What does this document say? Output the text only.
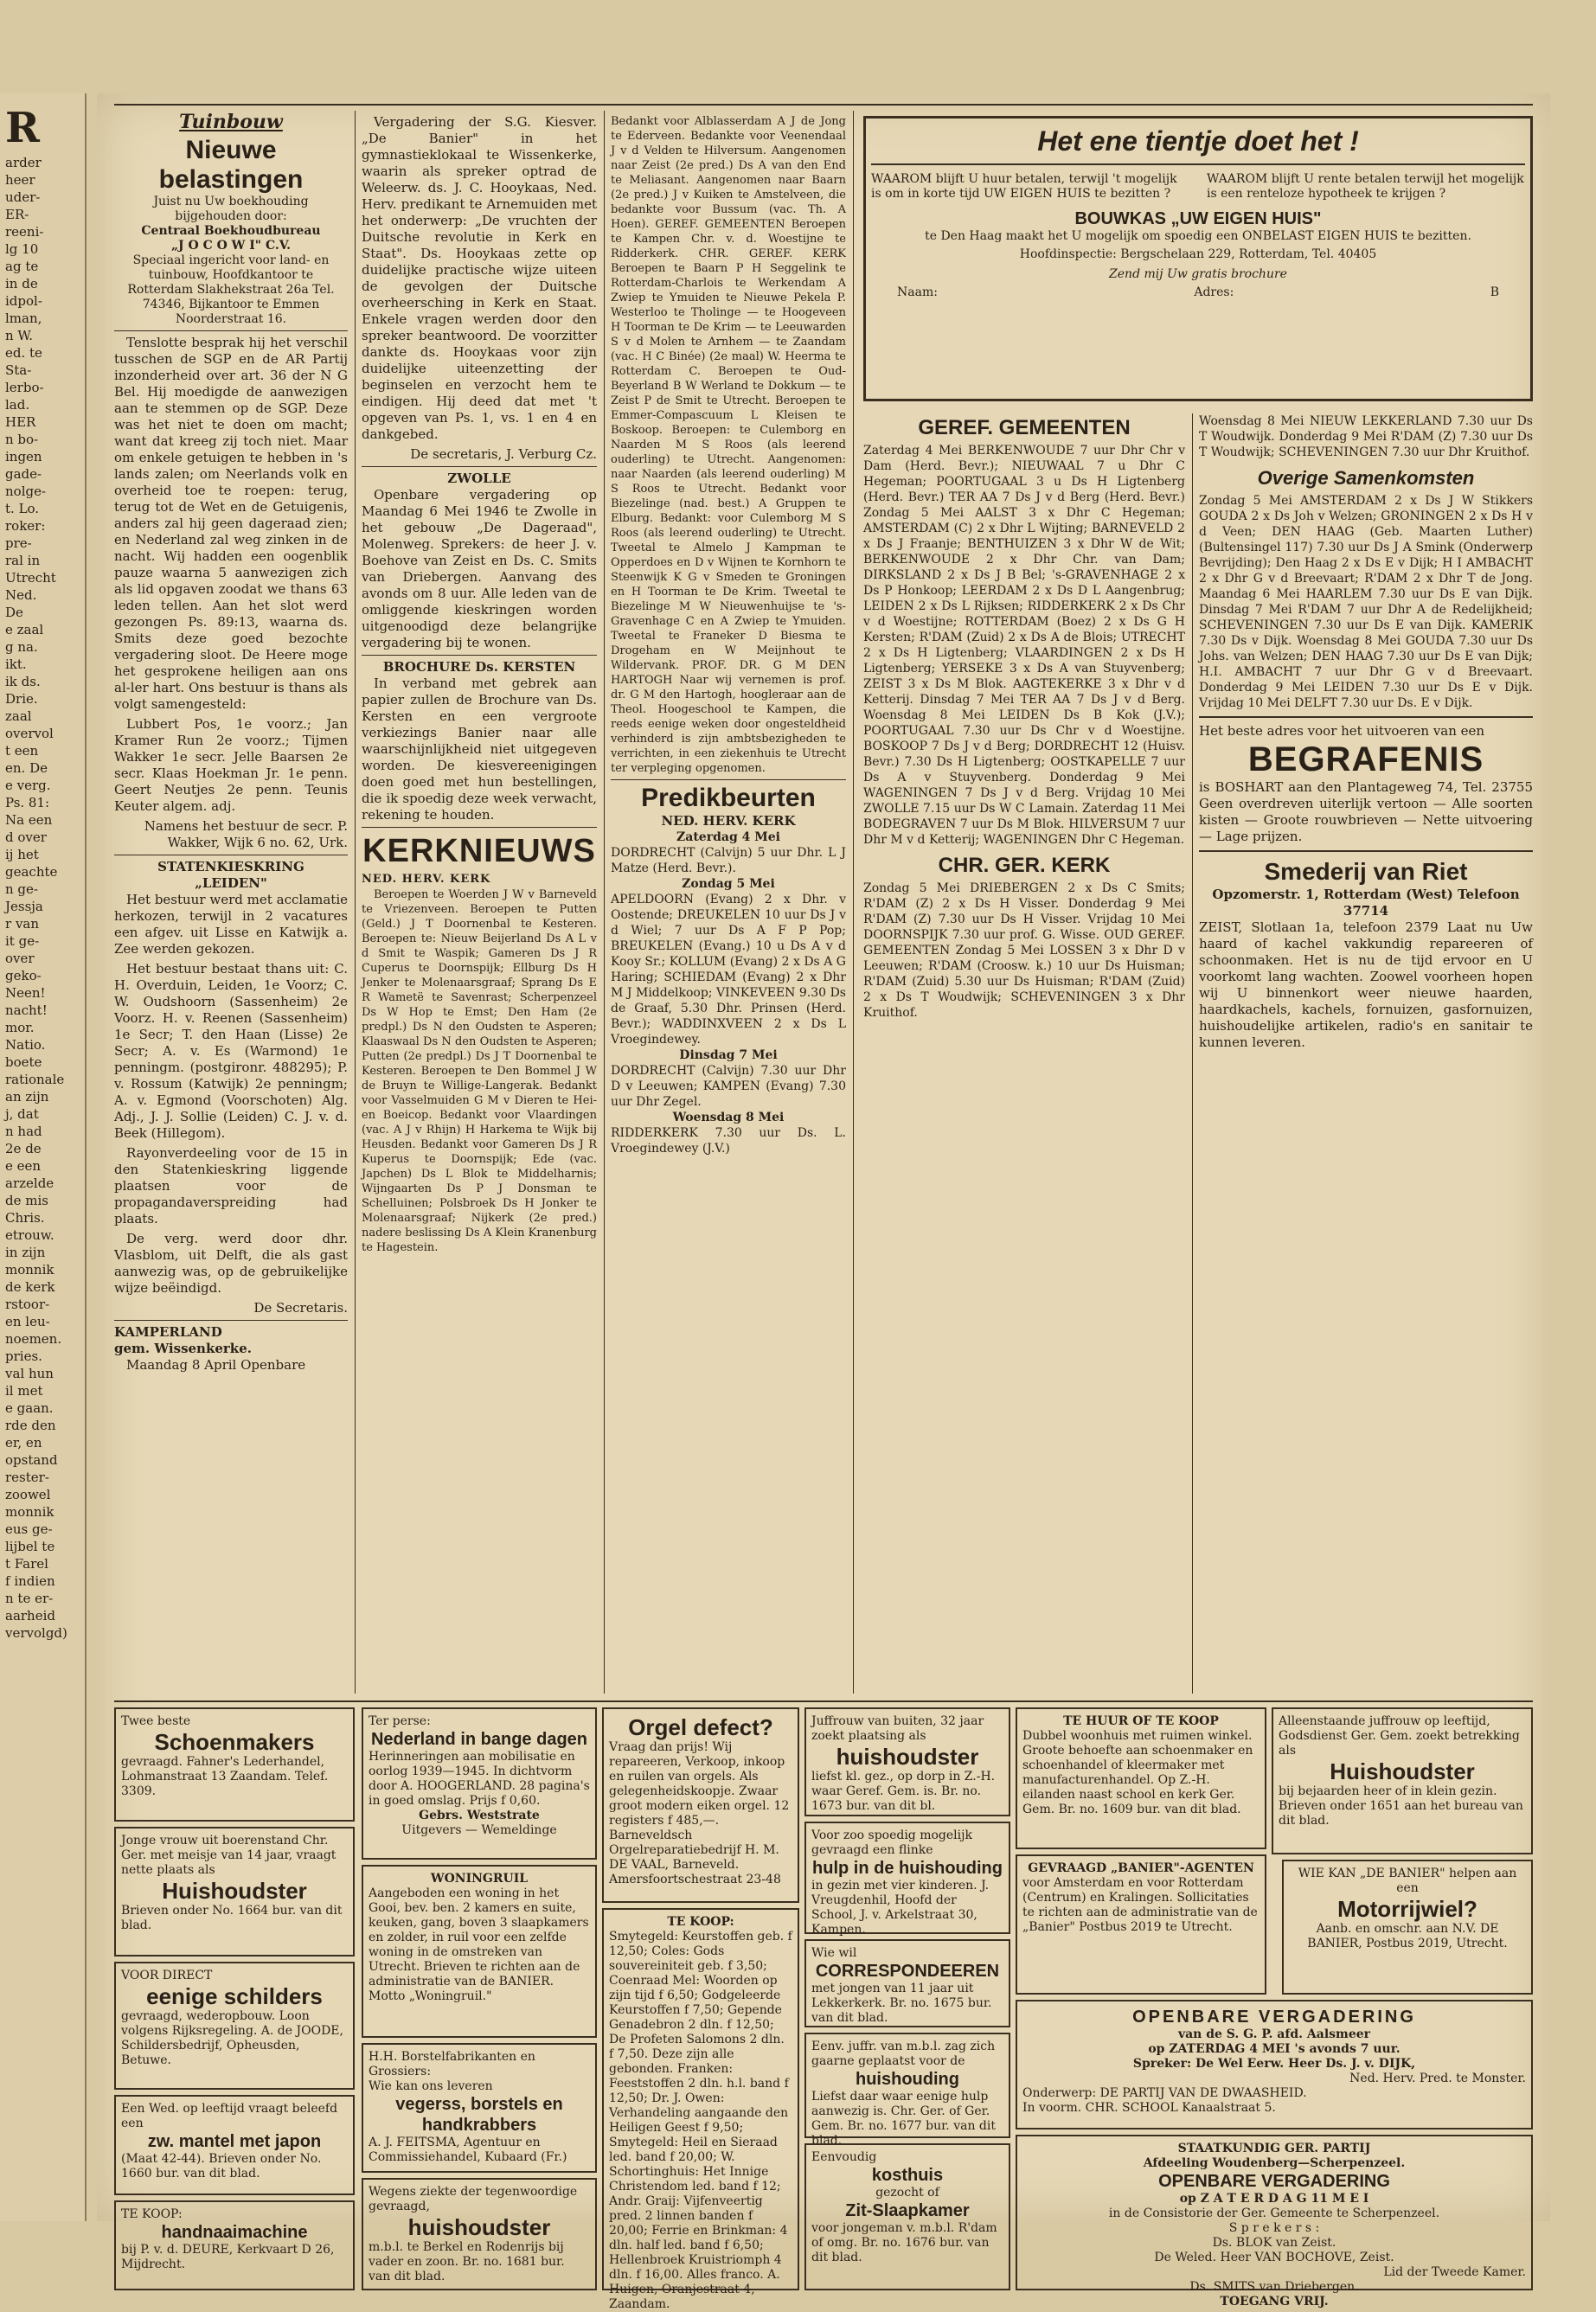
R
arder
heer
uder-
ER-
reeni-
lg 10
ag te
in de
idpol-
lman,
n W.
ed. te
Sta-
lerbo-
lad.
HER
n bo-
ingen
gade-
nolge-
t. Lo.
roker:
pre-
ral in
Utrecht
Ned.
De
e zaal
g na.
ikt.
ik ds.
Drie.
zaal
overvol
t een
en. De
e verg.
Ps. 81:
Na een
d over
ij het
geachte
n ge-
Jessja
r van
it ge-
over
geko-
Neen!
nacht!
mor.
Natio.
boete
rationale
an zijn
j, dat
n had
2e de
e een
arzelde
de mis
Chris.
etrouw.
in zijn
monnik
de kerk
rstoor-
en leu-
noemen.
pries.
val hun
il met
e gaan.
rde den
er, en
opstand
rester-
zoowel
monnik
eus ge-
lijbel te
t Farel
f indien
n te er-
aarheid
vervolgd)
Tuinbouw
Nieuwe belastingen
Juist nu Uw boekhouding bijgehouden door:
Centraal Boekhoudbureau
„J O C O W I" C.V.
Speciaal ingericht voor land- en tuinbouw, Hoofdkantoor te Rotterdam Slakhekstraat 26a Tel. 74346, Bijkantoor te Emmen Noorderstraat 16.

Tenslotte besprak hij het verschil tusschen de SGP en de AR Partij inzonderheid over art. 36 der N G Bel. Hij moedigde de aanwezigen aan te stemmen op de SGP. Deze was het niet te doen om macht; want dat kreeg zij toch niet. Maar om enkele getuigen te hebben in 's lands zalen; om Neerlands volk en overheid toe te roepen: terug, terug tot de Wet en de Getuigenis, anders zal hij geen dageraad zien; en Nederland zal weg zinken in de nacht. Wij hadden een oogenblik pauze waarna 5 aanwezigen zich als lid opgaven zoodat we thans 63 leden tellen. Aan het slot werd gezongen Ps. 89:13, waarna ds. Smits deze goed bezochte vergadering sloot. De Heere moge het gesprokene heiligen aan ons al-ler hart. Ons bestuur is thans als volgt samengesteld:

Lubbert Pos, 1e voorz.; Jan Kramer Run 2e voorz.; Tijmen Wakker 1e secr. Jelle Baarsen 2e secr. Klaas Hoekman Jr. 1e penn. Geert Neutjes 2e penn. Teunis Keuter algem. adj.

Namens het bestuur de secr. P. Wakker, Wijk 6 no. 62, Urk.

STATENKIESKRING
„LEIDEN"

Het bestuur werd met acclamatie herkozen, terwijl in 2 vacatures een afgev. uit Lisse en Katwijk a. Zee werden gekozen.

Het bestuur bestaat thans uit: C. H. Overduin, Leiden, 1e Voorz; C. W. Oudshoorn (Sassenheim) 2e Voorz. H. v. Reenen (Sassenheim) 1e Secr; T. den Haan (Lisse) 2e Secr; A. v. Es (Warmond) 1e penningm. (postgironr. 488295); P. v. Rossum (Katwijk) 2e penningm; A. v. Egmond (Voorschoten) Alg. Adj., J. J. Sollie (Leiden) C. J. v. d. Beek (Hillegom).

Rayonverdeeling voor de 15 in den Statenkieskring liggende plaatsen voor de propagandaverspreiding had plaats.

De verg. werd door dhr. Vlasblom, uit Delft, die als gast aanwezig was, op de gebruikelijke wijze beëindigd.

De Secretaris.

KAMPERLAND
gem. Wissenkerke.

Maandag 8 April Openbare

Vergadering der S.G. Kiesver. „De Banier" in het gymnastieklokaal te Wissenkerke, waarin als spreker optrad de Weleerw. ds. J. C. Hooykaas, Ned. Herv. predikant te Arnemuiden met het onderwerp: „De vruchten der Duitsche revolutie in Kerk en Staat". Ds. Hooykaas zette op duidelijke practische wijze uiteen de gevolgen der Duitsche overheersching in Kerk en Staat. Enkele vragen werden door den spreker beantwoord. De voorzitter dankte ds. Hooykaas voor zijn duidelijke uiteenzetting der beginselen en verzocht hem te eindigen. Hij deed dat met 't opgeven van Ps. 1, vs. 1 en 4 en dankgebed.

De secretaris, J. Verburg Cz.

ZWOLLE

Openbare vergadering op Maandag 6 Mei 1946 te Zwolle in het gebouw „De Dageraad", Molenweg. Sprekers: de heer J. v. Boehove van Zeist en Ds. C. Smits van Driebergen. Aanvang des avonds om 8 uur. Alle leden van de omliggende kieskringen worden uitgenoodigd deze belangrijke vergadering bij te wonen.

BROCHURE Ds. KERSTEN

In verband met gebrek aan papier zullen de Brochure van Ds. Kersten en een vergroote verkiezings Banier naar alle waarschijnlijkheid niet uitgegeven worden. De kiesvereenigingen doen goed met hun bestellingen, die ik spoedig deze week verwacht, rekening te houden.

KERKNIEUWS
NED. HERV. KERK

Beroepen te Woerden J W v Barneveld te Vriezenveen. Beroepen te Putten (Geld.) J T Doornenbal te Kesteren. Beroepen te: Nieuw Beijerland Ds A L v d Smit te Waspik; Gameren Ds J R Cuperus te Doornspijk; Ellburg Ds H Jenker te Molenaarsgraaf; Sprang Ds E R Wametë te Savenrast; Scherpenzeel Ds W Hop te Emst; Den Ham (2e predpl.) Ds N den Oudsten te Asperen; Klaaswaal Ds N den Oudsten te Asperen; Putten (2e predpl.) Ds J T Doornenbal te Kesteren. Beroepen te Den Bommel J W de Bruyn te Willige-Langerak. Bedankt voor Vasselmuiden G M v Dieren te Hei- en Boeicop. Bedankt voor Vlaardingen (vac. A J v Rhijn) H Harkema te Wijk bij Heusden. Bedankt voor Gameren Ds J R Kuperus te Doornspijk; Ede (vac. Japchen) Ds L Blok te Middelharnis; Wijngaarten Ds P J Donsman te Schelluinen; Polsbroek Ds H Jonker te Molenaarsgraaf; Nijkerk (2e pred.) nadere beslissing Ds A Klein Kranenburg te Hagestein.

Bedankt voor Alblasserdam A J de Jong te Ederveen. Bedankte voor Veenendaal J v d Velden te Hilversum. Aangenomen naar Zeist (2e pred.) Ds A van den End te Meliasant. Aangenomen naar Baarn (2e pred.) J v Kuiken te Amstelveen, die bedankte voor Bussum (vac. Th. A Hoen). GEREF. GEMEENTEN Beroepen te Kampen Chr. v. d. Woestijne te Ridderkerk. CHR. GEREF. KERK Beroepen te Baarn P H Seggelink te Rotterdam-Charlois te Werkendam A Zwiep te Ymuiden te Nieuwe Pekela P. Westerloo te Tholinge — te Hoogeveen H Toorman te De Krim — te Leeuwarden S v d Molen te Arnhem — te Zaandam (vac. H C Binée) (2e maal) W. Heerma te Rotterdam C. Beroepen te Oud-Beyerland B W Werland te Dokkum — te Zeist P de Smit te Utrecht. Beroepen te Emmer-Compascuum L Kleisen te Boskoop. Beroepen: te Culemborg en Naarden M S Roos (als leerend ouderling) te Utrecht. Aangenomen: naar Naarden (als leerend ouderling) M S Roos te Utrecht. Bedankt voor Biezelinge (nad. best.) A Gruppen te Elburg. Bedankt: voor Culemborg M S Roos (als leerend ouderling) te Utrecht. Tweetal te Almelo J Kampman te Opperdoes en D v Wijnen te Kornhorn te Steenwijk K G v Smeden te Groningen en H Toorman te De Krim. Tweetal te Biezelinge M W Nieuwenhuijse te 's-Gravenhage C en A Zwiep te Ymuiden. Tweetal te Franeker D Biesma te Drogeham en W Meijnhout te Wildervank. PROF. DR. G M DEN HARTOGH Naar wij vernemen is prof. dr. G M den Hartogh, hoogleraar aan de Theol. Hoogeschool te Kampen, die reeds eenige weken door ongesteldheid verhinderd is zijn ambtsbezigheden te verrichten, in een ziekenhuis te Utrecht ter verpleging opgenomen.

Predikbeurten
NED. HERV. KERK
Zaterdag 4 Mei
DORDRECHT (Calvijn) 5 uur Dhr. L J Matze (Herd. Bevr.).
Zondag 5 Mei
APELDOORN (Evang) 2 x Dhr. v Oostende; DREUKELEN 10 uur Ds J v d Wiel; 7 uur Ds A F P Pop; BREUKELEN (Evang.) 10 u Ds A v d Kooy Sr.; KOLLUM (Evang) 2 x Ds A G Haring; SCHIEDAM (Evang) 2 x Dhr M J Middelkoop; VINKEVEEN 9.30 Ds de Graaf, 5.30 Dhr. Prinsen (Herd. Bevr.); WADDINXVEEN 2 x Ds L Vroegindewey.
Dinsdag 7 Mei
DORDRECHT (Calvijn) 7.30 uur Dhr D v Leeuwen; KAMPEN (Evang) 7.30 uur Dhr Zegel.
Woensdag 8 Mei
RIDDERKERK 7.30 uur Ds. L. Vroegindewey (J.V.)
Het ene tientje doet het !
WAAROM blijft U huur betalen, terwijl 't mogelijk is om in korte tijd UW EIGEN HUIS te bezitten ?
WAAROM blijft U rente betalen terwijl het mogelijk is een renteloze hypotheek te krijgen ?
BOUWKAS „UW EIGEN HUIS"
te Den Haag maakt het U mogelijk om spoedig een ONBELAST EIGEN HUIS te bezitten.
Hoofdinspectie: Bergschelaan 229, Rotterdam, Tel. 40405
Zend mij Uw gratis brochure
Naam:	Adres:	B
GEREF. GEMEENTEN

Zaterdag 4 Mei BERKENWOUDE 7 uur Dhr Chr v Dam (Herd. Bevr.); NIEUWAAL 7 u Dhr C Hegeman; POORTUGAAL 3 u Ds H Ligtenberg (Herd. Bevr.) TER AA 7 Ds J v d Berg (Herd. Bevr.) Zondag 5 Mei AALST 3 x Dhr C Hegeman; AMSTERDAM (C) 2 x Dhr L Wijting; BARNEVELD 2 x Ds J Fraanje; BENTHUIZEN 3 x Dhr W de Wit; BERKENWOUDE 2 x Dhr Chr. van Dam; DIRKSLAND 2 x Ds J B Bel; 's-GRAVENHAGE 2 x Ds P Honkoop; LEERDAM 2 x Ds D L Aangenbrug; LEIDEN 2 x Ds L Rijksen; RIDDERKERK 2 x Ds Chr v d Woestijne; ROTTERDAM (Boez) 2 x Ds G H Kersten; R'DAM (Zuid) 2 x Ds A de Blois; UTRECHT 2 x Ds H Ligtenberg; VLAARDINGEN 2 x Ds H Ligtenberg; YERSEKE 3 x Ds A van Stuyvenberg; ZEIST 3 x Ds M Blok. AAGTEKERKE 3 x Dhr v d Ketterij. Dinsdag 7 Mei TER AA 7 Ds J v d Berg. Woensdag 8 Mei LEIDEN Ds B Kok (J.V.); POORTUGAAL 7.30 uur Ds Chr v d Woestijne. BOSKOOP 7 Ds J v d Berg; DORDRECHT 12 (Huisv. Bevr.) 7.30 Ds H Ligtenberg; OOSTKAPELLE 7 uur Ds A v Stuyvenberg. Donderdag 9 Mei WAGENINGEN 7 Ds J v d Berg. Vrijdag 10 Mei ZWOLLE 7.15 uur Ds W C Lamain. Zaterdag 11 Mei BODEGRAVEN 7 uur Ds M Blok. HILVERSUM 7 uur Dhr M v d Ketterij; WAGENINGEN Dhr C Hegeman.

CHR. GER. KERK

Zondag 5 Mei DRIEBERGEN 2 x Ds C Smits; R'DAM (Z) 2 x Ds H Visser. Donderdag 9 Mei R'DAM (Z) 7.30 uur Ds H Visser. Vrijdag 10 Mei DOORNSPIJK 7.30 uur prof. G. Wisse. OUD GEREF. GEMEENTEN Zondag 5 Mei LOSSEN 3 x Dhr D v Leeuwen; R'DAM (Croosw. k.) 10 uur Ds Huisman; R'DAM (Zuid) 5.30 uur Ds Huisman; R'DAM (Zuid) 2 x Ds T Woudwijk; SCHEVENINGEN 3 x Dhr Kruithof.

Woensdag 8 Mei NIEUW LEKKERLAND 7.30 uur Ds T Woudwijk. Donderdag 9 Mei R'DAM (Z) 7.30 uur Ds T Woudwijk; SCHEVENINGEN 7.30 uur Dhr Kruithof.

Overige Samenkomsten

Zondag 5 Mei AMSTERDAM 2 x Ds J W Stikkers GOUDA 2 x Ds Joh v Welzen; GRONINGEN 2 x Ds H v d Veen; DEN HAAG (Geb. Maarten Luther) (Bultensingel 117) 7.30 uur Ds J A Smink (Onderwerp Bevrijding); Den Haag 2 x Ds E v Dijk; H I AMBACHT 2 x Dhr G v d Breevaart; R'DAM 2 x Dhr T de Jong. Maandag 6 Mei HAARLEM 7.30 uur Ds E van Dijk. Dinsdag 7 Mei R'DAM 7 uur Dhr A de Redelijkheid; SCHEVENINGEN 7.30 uur Ds E van Dijk. KAMERIK 7.30 Ds v Dijk. Woensdag 8 Mei GOUDA 7.30 uur Ds Johs. van Welzen; DEN HAAG 7.30 uur Ds E van Dijk; H.I. AMBACHT 7 uur Dhr G v d Breevaart. Donderdag 9 Mei LEIDEN 7.30 uur Ds E v Dijk. Vrijdag 10 Mei DELFT 7.30 uur Ds. E v Dijk.

Het beste adres voor het uitvoeren van een
BEGRAFENIS

is BOSHART aan den Plantageweg 74, Tel. 23755 Geen overdreven uiterlijk vertoon — Alle soorten kisten — Groote rouwbrieven — Nette uitvoering — Lage prijzen.

Smederij van Riet
Opzomerstr. 1, Rotterdam (West) Telefoon 37714

ZEIST, Slotlaan 1a, telefoon 2379 Laat nu Uw haard of kachel vakkundig repareeren of schoonmaken. Het is nu de tijd ervoor en U voorkomt lang wachten. Zoowel voorheen hopen wij U binnenkort weer nieuwe haarden, haardkachels, kachels, fornuizen, gasfornuizen, huishoudelijke artikelen, radio's en sanitair te kunnen leveren.

Twee beste
Schoenmakers
gevraagd. Fahner's Lederhandel, Lohmanstraat 13 Zaandam. Telef. 3309.
Jonge vrouw uit boerenstand Chr. Ger. met meisje van 14 jaar, vraagt nette plaats als
Huishoudster
Brieven onder No. 1664 bur. van dit blad.
VOOR DIRECT
eenige schilders
gevraagd, wederopbouw. Loon volgens Rijksregeling. A. de JOODE, Schildersbedrijf, Opheusden, Betuwe.
Een Wed. op leeftijd vraagt beleefd een
zw. mantel met japon
(Maat 42-44). Brieven onder No. 1660 bur. van dit blad.
TE KOOP:
handnaaimachine
bij P. v. d. DEURE, Kerkvaart D 26, Mijdrecht.
Ter perse:
Nederland in bange dagen
Herinneringen aan mobilisatie en oorlog 1939—1945. In dichtvorm door A. HOOGERLAND. 28 pagina's in goed omslag. Prijs f 0,60.
Gebrs. Weststrate
Uitgevers — Wemeldinge
WONINGRUIL
Aangeboden een woning in het Gooi, bev. ben. 2 kamers en suite, keuken, gang, boven 3 slaapkamers en zolder, in ruil voor een zelfde woning in de omstreken van Utrecht. Brieven te richten aan de administratie van de BANIER. Motto „Woningruil."
H.H. Borstelfabrikanten en Grossiers:
Wie kan ons leveren
vegerss, borstels en handkrabbers
A. J. FEITSMA, Agentuur en Commissiehandel, Kubaard (Fr.)
Wegens ziekte der tegenwoordige gevraagd,
huishoudster
m.b.l. te Berkel en Rodenrijs bij vader en zoon. Br. no. 1681 bur. van dit blad.
Orgel defect?
Vraag dan prijs! Wij repareeren, Verkoop, inkoop en ruilen van orgels. Als gelegenheidskoopje. Zwaar groot modern eiken orgel. 12 registers f 485,—. Barneveldsch Orgelreparatiebedrijf H. M. DE VAAL, Barneveld. Amersfoortschestraat 23-48
TE KOOP:
Smytegeld: Keurstoffen geb. f 12,50; Coles: Gods souvereiniteit geb. f 3,50; Coenraad Mel: Woorden op zijn tijd f 6,50; Godgeleerde Keurstoffen f 7,50; Gepende Genadebron 2 dln. f 12,50; De Profeten Salomons 2 dln. f 7,50. Deze zijn alle gebonden. Franken: Feeststoffen 2 dln. h.l. band f 12,50; Dr. J. Owen: Verhandeling aangaande den Heiligen Geest f 9,50; Smytegeld: Heil en Sieraad led. band f 20,00; W. Schortinghuis: Het Innige Christendom led. band f 12; Andr. Graij: Vijfenveertig pred. 2 linnen banden f 20,00; Ferrie en Brinkman: 4 dln. half led. band f 6,50; Hellenbroek Kruistriomph 4 dln. f 16,00. Alles franco. A. Huigen, Oranjestraat 4, Zaandam.
Juffrouw van buiten, 32 jaar zoekt plaatsing als
huishoudster
liefst kl. gez., op dorp in Z.-H. waar Geref. Gem. is. Br. no. 1673 bur. van dit bl.
Voor zoo spoedig mogelijk gevraagd een flinke
hulp in de huishouding
in gezin met vier kinderen. J. Vreugdenhil, Hoofd der School, J. v. Arkelstraat 30, Kampen.
Wie wil
CORRESPONDEEREN
met jongen van 11 jaar uit Lekkerkerk. Br. no. 1675 bur. van dit blad.
Eenv. juffr. van m.b.l. zag zich gaarne geplaatst voor de
huishouding
Liefst daar waar eenige hulp aanwezig is. Chr. Ger. of Ger. Gem. Br. no. 1677 bur. van dit blad.
Eenvoudig
kosthuis
gezocht of
Zit-Slaapkamer
voor jongeman v. m.b.l. R'dam of omg. Br. no. 1676 bur. van dit blad.
TE HUUR OF TE KOOP
Dubbel woonhuis met ruimen winkel. Groote behoefte aan schoenmaker en schoenhandel of kleermaker met manufacturenhandel. Op Z.-H. eilanden naast school en kerk Ger. Gem. Br. no. 1609 bur. van dit blad.
GEVRAAGD „BANIER"-AGENTEN
voor Amsterdam en voor Rotterdam (Centrum) en Kralingen. Sollicitaties te richten aan de administratie van de „Banier" Postbus 2019 te Utrecht.
Alleenstaande juffrouw op leeftijd, Godsdienst Ger. Gem. zoekt betrekking als
Huishoudster
bij bejaarden heer of in klein gezin. Brieven onder 1651 aan het bureau van dit blad.
WIE KAN „DE BANIER" helpen aan een
Motorrijwiel?
Aanb. en omschr. aan N.V. DE BANIER, Postbus 2019, Utrecht.
OPENBARE VERGADERING
van de S. G. P. afd. Aalsmeer
op ZATERDAG 4 MEI 's avonds 7 uur.
Spreker: De Wel Eerw. Heer Ds. J. v. DIJK,
Ned. Herv. Pred. te Monster.
Onderwerp: DE PARTIJ VAN DE DWAASHEID.
In voorm. CHR. SCHOOL Kanaalstraat 5.
STAATKUNDIG GER. PARTIJ
Afdeeling Woudenberg—Scherpenzeel.
OPENBARE VERGADERING
op Z A T E R D A G 11 M E I
in de Consistorie der Ger. Gemeente te Scherpenzeel.
S p r e k e r s :
Ds. BLOK van Zeist.
De Weled. Heer VAN BOCHOVE, Zeist.
Lid der Tweede Kamer.
Ds. SMITS van Driebergen.
TOEGANG VRIJ.
